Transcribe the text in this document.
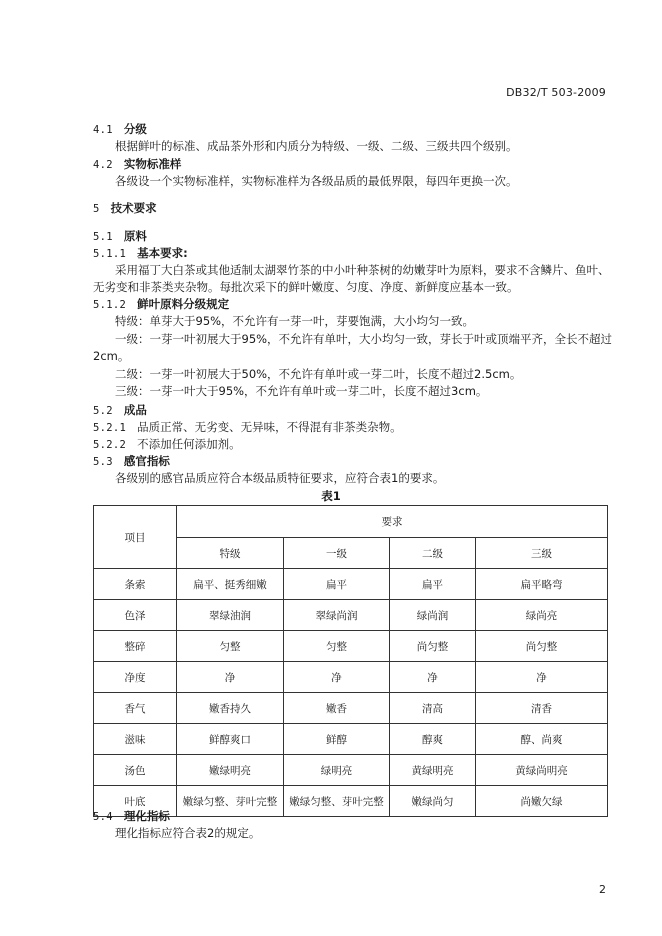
DB32/T 503-2009
4.1 分级
根据鲜叶的标准、成品茶外形和内质分为特级、一级、二级、三级共四个级别。
4.2 实物标准样
各级设一个实物标准样，实物标准样为各级品质的最低界限，每四年更换一次。
5 技术要求
5.1 原料
5.1.1 基本要求:
采用福丁大白茶或其他适制太湖翠竹茶的中小叶种茶树的幼嫩芽叶为原料，要求不含鳞片、鱼叶、
无劣变和非茶类夹杂物。每批次采下的鲜叶嫩度、匀度、净度、新鲜度应基本一致。
5.1.2 鲜叶原料分级规定
特级：单芽大于95%，不允许有一芽一叶，芽要饱满，大小均匀一致。
一级：一芽一叶初展大于95%，不允许有单叶，大小均匀一致，芽长于叶或顶端平齐，全长不超过
2cm。
二级：一芽一叶初展大于50%，不允许有单叶或一芽二叶，长度不超过2.5cm。
三级：一芽一叶大于95%，不允许有单叶或一芽二叶，长度不超过3cm。
5.2 成品
5.2.1 品质正常、无劣变、无异味，不得混有非茶类杂物。
5.2.2 不添加任何添加剂。
5.3 感官指标
各级别的感官品质应符合本级品质特征要求，应符合表1的要求。
表1
项目	要求			
	特级	一级	二级	三级
条索	扁平、挺秀细嫩	扁平	扁平	扁平略弯
色泽	翠绿油润	翠绿尚润	绿尚润	绿尚亮
整碎	匀整	匀整	尚匀整	尚匀整
净度	净	净	净	净
香气	嫩香持久	嫩香	清高	清香
滋味	鲜醇爽口	鲜醇	醇爽	醇、尚爽
汤色	嫩绿明亮	绿明亮	黄绿明亮	黄绿尚明亮
叶底	嫩绿匀整、芽叶完整	嫩绿匀整、芽叶完整	嫩绿尚匀	尚嫩欠绿
5.4 理化指标
理化指标应符合表2的规定。
2
